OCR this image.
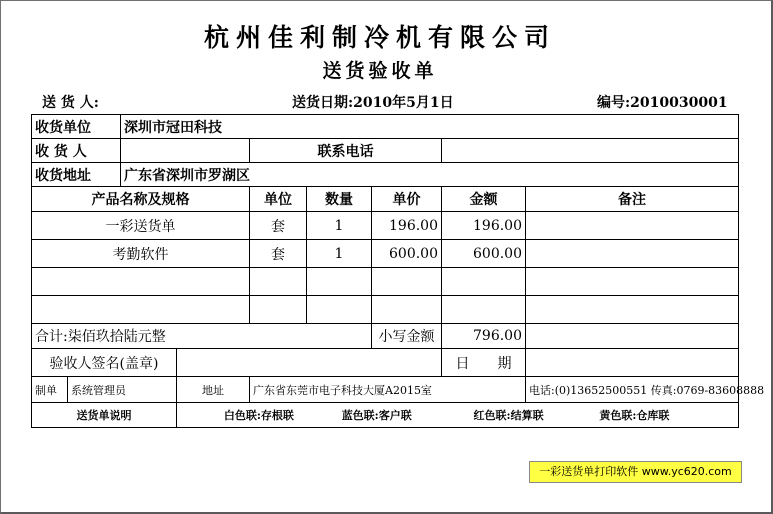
杭州佳利制冷机有限公司
送货验收单
送 货 人:	送货日期:2010年5月1日	编号:2010030001
收货单位		深圳市冠田科技						
收 货 人				联系电话				
收货地址		广东省深圳市罗湖区						
产品名称及规格				单位	数量	单价	金额	备注
一彩送货单				套	1	196.00	196.00	
考勤软件				套	1	600.00	600.00	

合计:柒佰玖拾陆元整						小写金额	796.00	
验收人签名(盖章)							日　　期	
制单	系统管理员		地址	广东省东莞市电子科技大厦A2015室				电话:(0)13652500551 传真:0769-83608888
送货单说明			白色联:存根联 蓝色联:客户联 红色联:结算联 黄色联:仓库联					
一彩送货单打印软件 www.yc620.com
